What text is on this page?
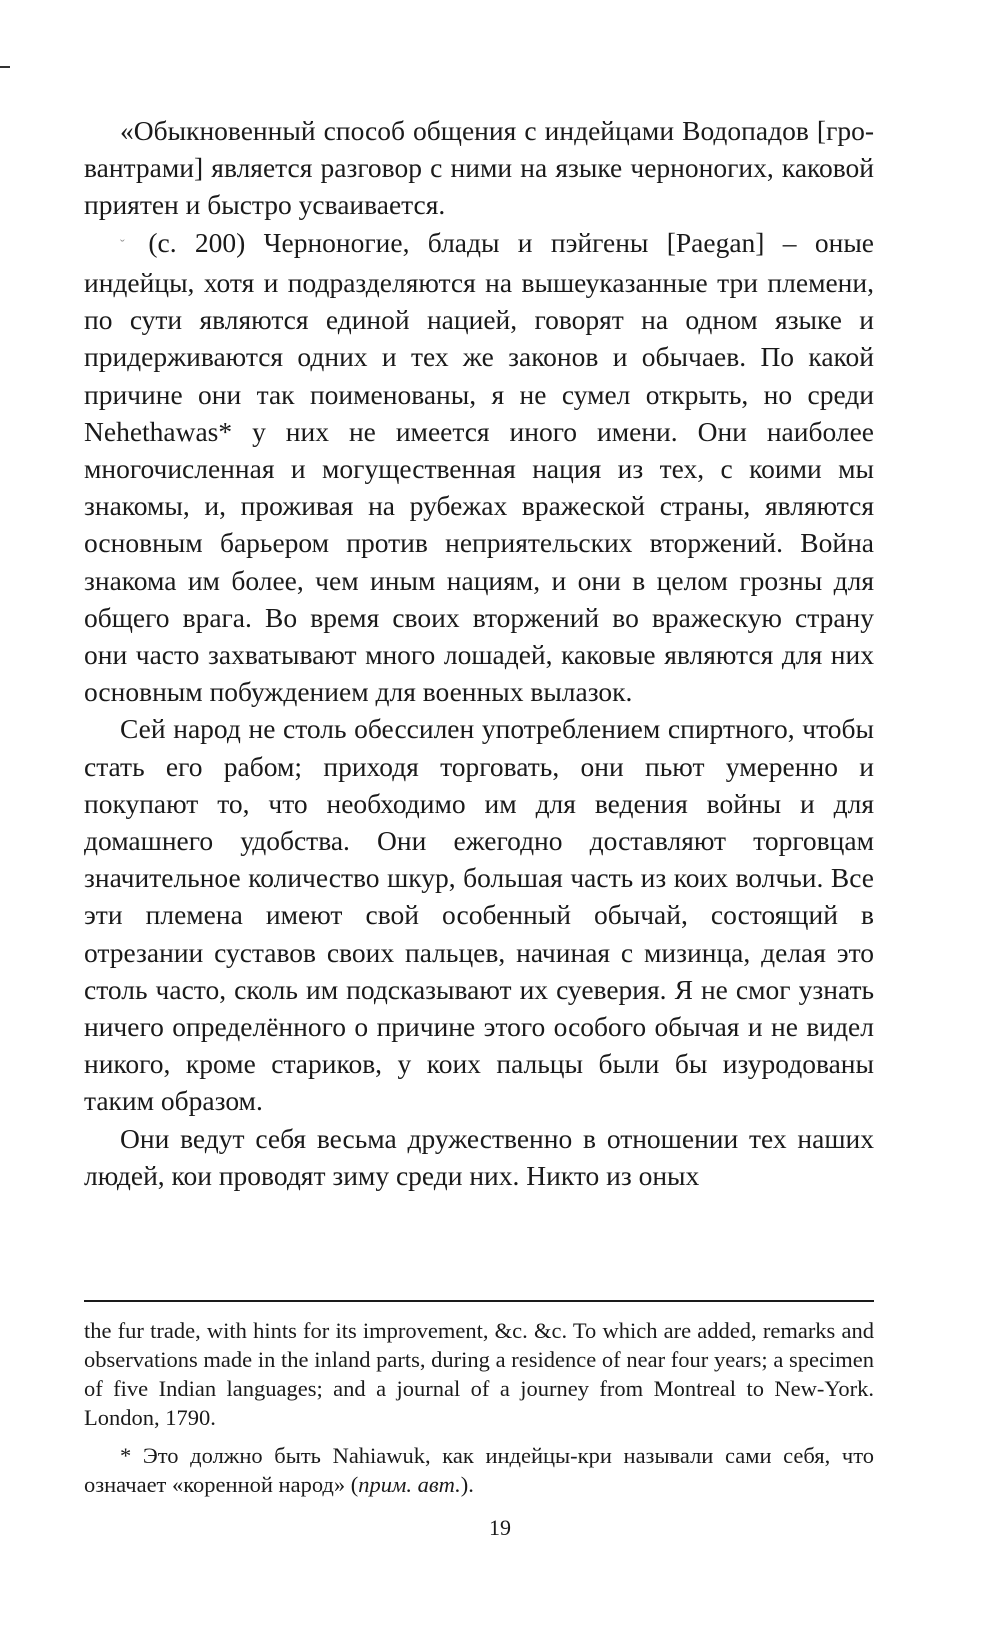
«Обыкновенный способ общения с индейцами Водопадов [гро-вантрами] является разговор с ними на языке черноногих, каковой приятен и быстро усваивается.

ˇ (с. 200) Черноногие, блады и пэйгены [Paegan] – оные индейцы, хотя и подразделяются на вышеуказанные три племени, по сути являются единой нацией, говорят на одном языке и придерживаются одних и тех же законов и обычаев. По какой причине они так поименованы, я не сумел открыть, но среди Nehethawas* у них не имеется иного имени. Они наиболее многочисленная и могущественная нация из тех, с коими мы знакомы, и, проживая на рубежах вражеской страны, являются основным барьером против неприятельских вторжений. Война знакома им более, чем иным нациям, и они в целом грозны для общего врага. Во время своих вторжений во вражескую страну они часто захватывают много лошадей, каковые являются для них основным побуждением для военных вылазок.

Сей народ не столь обессилен употреблением спиртного, чтобы стать его рабом; приходя торговать, они пьют умеренно и покупают то, что необходимо им для ведения войны и для домашнего удобства. Они ежегодно доставляют торговцам значительное количество шкур, большая часть из коих волчьи. Все эти племена имеют свой особенный обычай, состоящий в отрезании суставов своих пальцев, начиная с мизинца, делая это столь часто, сколь им подсказывают их суеверия. Я не смог узнать ничего определённого о причине этого особого обычая и не видел никого, кроме стариков, у коих пальцы были бы изуродованы таким образом.

Они ведут себя весьма дружественно в отношении тех наших людей, кои проводят зиму среди них. Никто из оных

the fur trade, with hints for its improvement, &c. &c. To which are added, remarks and observations made in the inland parts, during a residence of near four years; a specimen of five Indian languages; and a journal of a journey from Montreal to New-York. London, 1790.

* Это должно быть Nahiawuk, как индейцы-кри называли сами себя, что означает «коренной народ» (прим. авт.).

19
